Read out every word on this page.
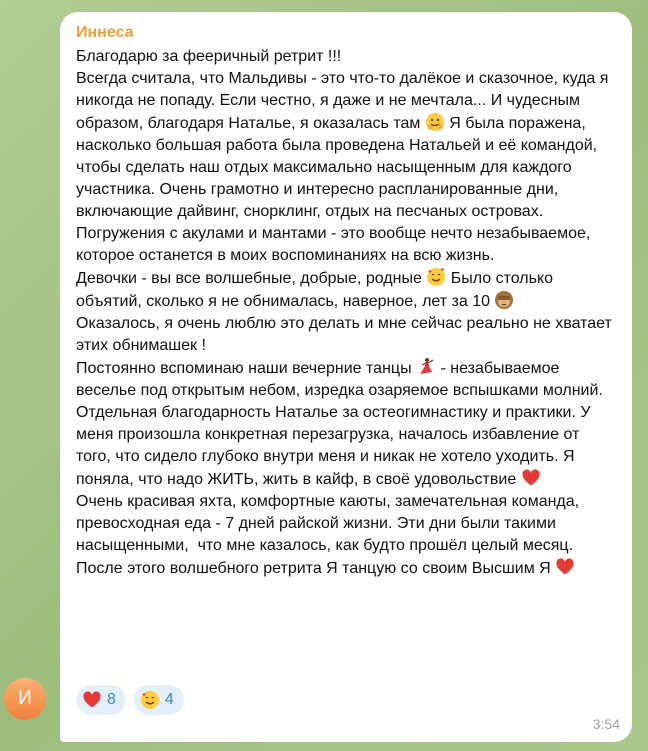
И
Иннеса
Благодарю за фееричный ретрит !!!
Всегда считала, что Мальдивы - это что-то далёкое и сказочное, куда я никогда не попаду. Если честно, я даже и не мечтала... И чудесным образом, благодаря Наталье, я оказалась там  Я была поражена, насколько большая работа была проведена Натальей и её командой, чтобы сделать наш отдых максимально насыщенным для каждого участника. Очень грамотно и интересно распланированные дни, включающие дайвинг, снорклинг, отдых на песчаных островах. Погружения с акулами и мантами - это вообще нечто незабываемое, которое останется в моих воспоминаниях на всю жизнь.
Девочки - вы все волшебные, добрые, родные  Было столько объятий, сколько я не обнималась, наверное, лет за 10
Оказалось, я очень люблю это делать и мне сейчас реально не хватает этих обнимашек !
Постоянно вспоминаю наши вечерние танцы  - незабываемое веселье под открытым небом, изредка озаряемое вспышками молний.
Отдельная благодарность Наталье за остеогимнастику и практики. У меня произошла конкретная перезагрузка, началось избавление от того, что сидело глубоко внутри меня и никак не хотело уходить. Я поняла, что надо ЖИТЬ, жить в кайф, в своё удовольствие
Очень красивая яхта, комфортные каюты, замечательная команда, превосходная еда - 7 дней райской жизни. Эти дни были такими насыщенными,  что мне казалось, как будто прошёл целый месяц.
После этого волшебного ретрита Я танцую со своим Высшим Я
8	4
3:54
